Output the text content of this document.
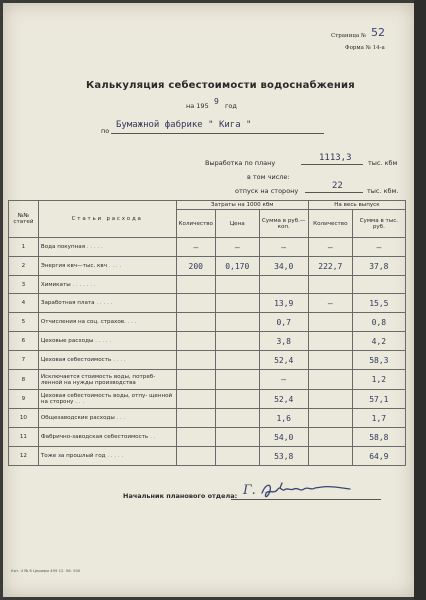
Страница № 52
Форма № 14-а
Калькуляция себестоимости водоснабжения
на 195 9 год
по
Бумажной фабрике " Кига "
Выработка по плану	1113,3	тыс. кбм
в том числе:
отпуск на сторону	22	тыс. кбм.
№№ статей	Статьи расхода	Затраты на 1000 кбм			На весь выпуск	
		Количество	Цена	Сумма в руб.—коп.	Количество	Сумма в тыс. руб.
1	Вода покупная . . . . .	–	–	–	–	–
2	Энергия квч—тыс. квч . . . .	200	0,170	34,0	222,7	37,8
3	Химикаты . . . . . . .					
4	Заработная плата . . . . .			13,9	–	15,5
5	Отчисления на соц. страхов. . . .			0,7		0,8
6	Цеховые расходы . . . . .			3,8		4,2
7	Цеховая себестоимость . . . .			52,4		58,3
8	Исключается стоимость воды, потреб- ленной на нужды производства			–		1,2
9	Цеховая себестоимость воды, отпу- щенной на сторону . . .			52,4		57,1
10	Общезаводские расходы . . .			1,6		1,7
11	Фабрично-заводская себестоимость . .			54,0		58,8
12	Тоже за прошлый год . . . . .			53,8		64,9
Начальник планового отдела: Г.
Кат. 4 № 6 Церифи 499 12. 56. 500
